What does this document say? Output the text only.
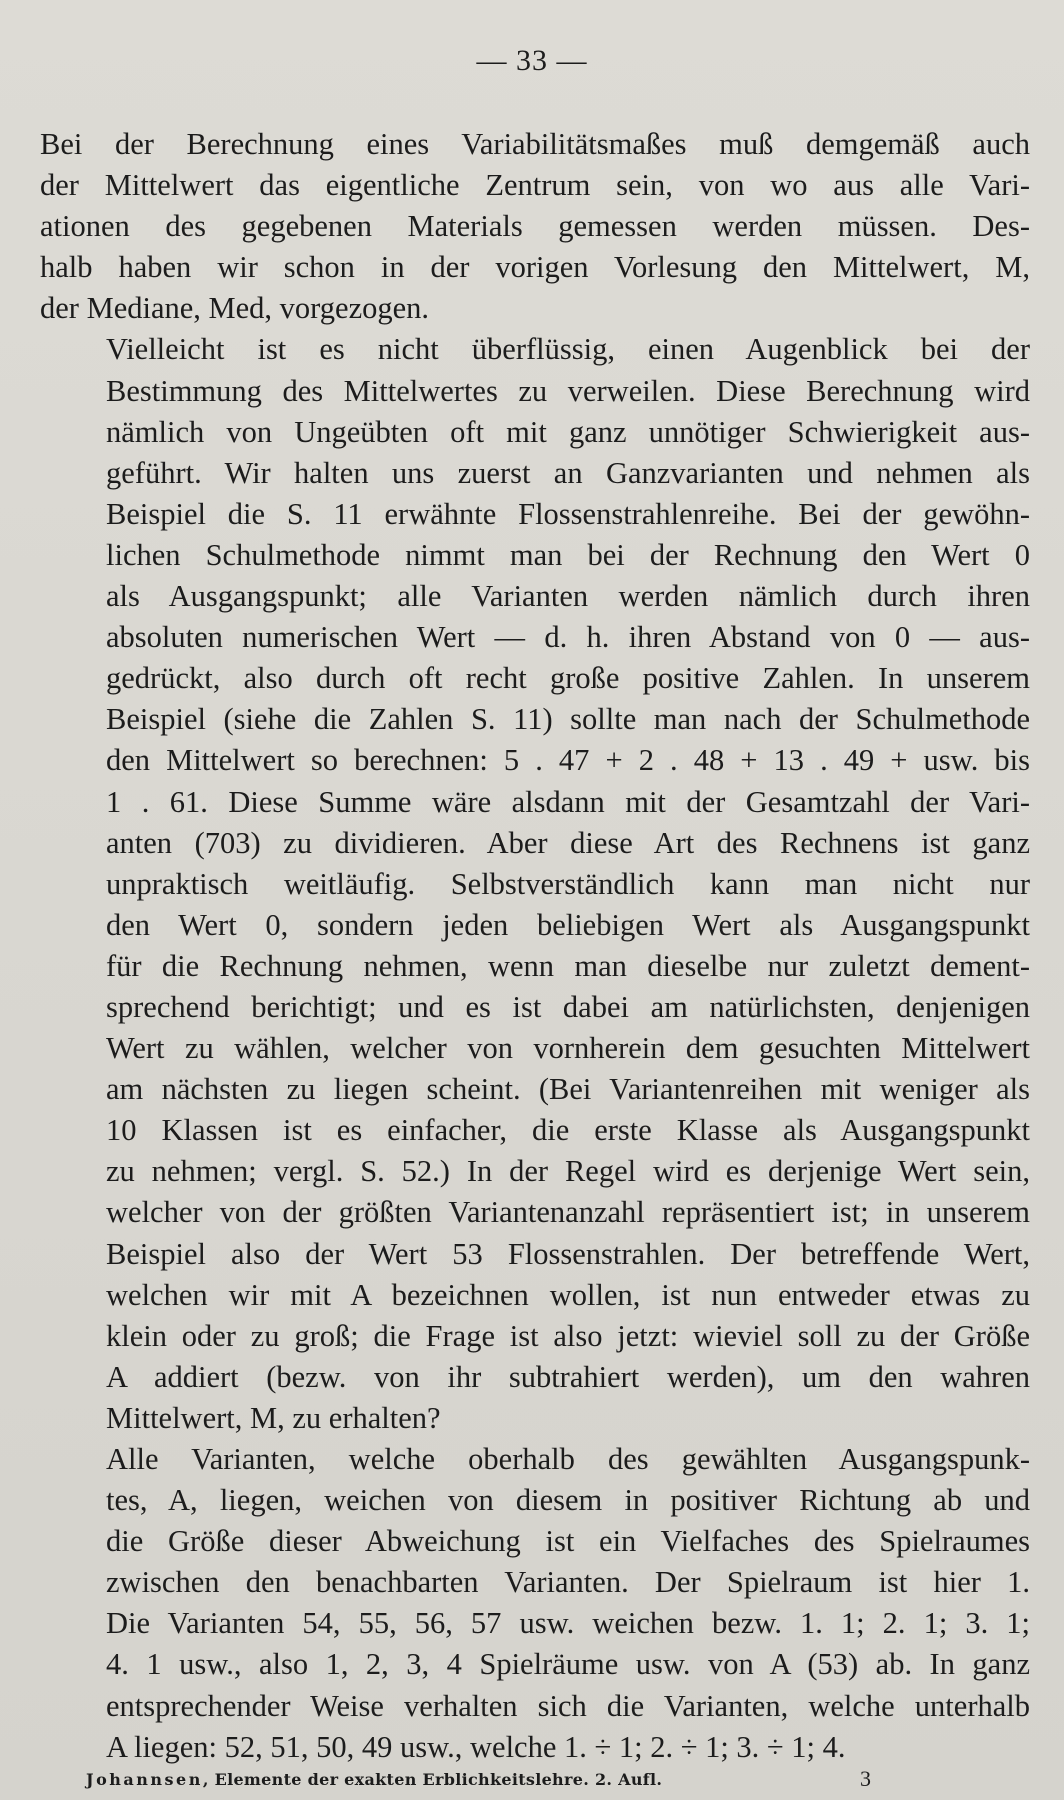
— 33 —

Bei der Berechnung eines Variabilitätsmaßes muß demgemäß auch
der Mittelwert das eigentliche Zentrum sein, von wo aus alle Vari-
ationen des gegebenen Materials gemessen werden müssen. Des-
halb haben wir schon in der vorigen Vorlesung den Mittelwert, M,
der Mediane, Med, vorgezogen.

Vielleicht ist es nicht überflüssig, einen Augenblick bei der
Bestimmung des Mittelwertes zu verweilen. Diese Berechnung wird
nämlich von Ungeübten oft mit ganz unnötiger Schwierigkeit aus-
geführt. Wir halten uns zuerst an Ganzvarianten und nehmen als
Beispiel die S. 11 erwähnte Flossenstrahlenreihe. Bei der gewöhn-
lichen Schulmethode nimmt man bei der Rechnung den Wert 0
als Ausgangspunkt; alle Varianten werden nämlich durch ihren
absoluten numerischen Wert — d. h. ihren Abstand von 0 — aus-
gedrückt, also durch oft recht große positive Zahlen. In unserem
Beispiel (siehe die Zahlen S. 11) sollte man nach der Schulmethode
den Mittelwert so berechnen: 5 . 47 + 2 . 48 + 13 . 49 + usw. bis
1 . 61. Diese Summe wäre alsdann mit der Gesamtzahl der Vari-
anten (703) zu dividieren. Aber diese Art des Rechnens ist ganz
unpraktisch weitläufig. Selbstverständlich kann man nicht nur
den Wert 0, sondern jeden beliebigen Wert als Ausgangspunkt
für die Rechnung nehmen, wenn man dieselbe nur zuletzt dement-
sprechend berichtigt; und es ist dabei am natürlichsten, denjenigen
Wert zu wählen, welcher von vornherein dem gesuchten Mittelwert
am nächsten zu liegen scheint. (Bei Variantenreihen mit weniger als
10 Klassen ist es einfacher, die erste Klasse als Ausgangspunkt
zu nehmen; vergl. S. 52.) In der Regel wird es derjenige Wert sein,
welcher von der größten Variantenanzahl repräsentiert ist; in unserem
Beispiel also der Wert 53 Flossenstrahlen. Der betreffende Wert,
welchen wir mit A bezeichnen wollen, ist nun entweder etwas zu
klein oder zu groß; die Frage ist also jetzt: wieviel soll zu der Größe
A addiert (bezw. von ihr subtrahiert werden), um den wahren
Mittelwert, M, zu erhalten?

Alle Varianten, welche oberhalb des gewählten Ausgangspunk-
tes, A, liegen, weichen von diesem in positiver Richtung ab und
die Größe dieser Abweichung ist ein Vielfaches des Spielraumes
zwischen den benachbarten Varianten. Der Spielraum ist hier 1.
Die Varianten 54, 55, 56, 57 usw. weichen bezw. 1. 1; 2. 1; 3. 1;
4. 1 usw., also 1, 2, 3, 4 Spielräume usw. von A (53) ab. In ganz
entsprechender Weise verhalten sich die Varianten, welche unterhalb
A liegen: 52, 51, 50, 49 usw., welche 1. ÷ 1; 2. ÷ 1; 3. ÷ 1; 4.

Johannsen, Elemente der exakten Erblichkeitslehre. 2. Aufl.	3
